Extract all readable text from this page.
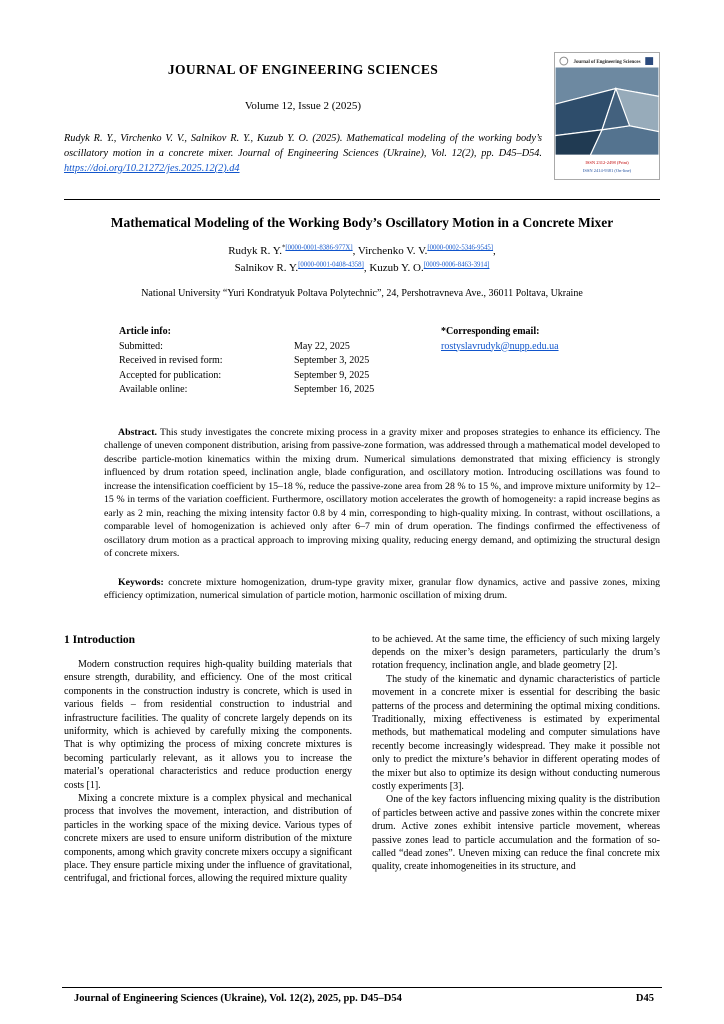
JOURNAL OF ENGINEERING SCIENCES
Volume 12, Issue 2 (2025)

Rudyk R. Y., Virchenko V. V., Salnikov R. Y., Kuzub Y. O. (2025). Mathematical modeling of the working body’s oscillatory motion in a concrete mixer. Journal of Engineering Sciences (Ukraine), Vol. 12(2), pp. D45–D54. https://doi.org/10.21272/jes.2025.12(2).d4

Journal of Engineering Sciences
ISSN 2312-2498 (Print)
ISSN 2414-9381 (On-line)
Mathematical Modeling of the Working Body’s Oscillatory Motion in a Concrete Mixer
Rudyk R. Y.$^{*[0000-0001-8386-977X]}$, Virchenko V. V.[0000-0002-5346-9545],
Salnikov R. Y.[0000-0001-0408-4358], Kuzub Y. O.[0009-0006-8463-3914]
National University “Yuri Kondratyuk Poltava Polytechnic”, 24, Pershotravneva Ave., 36011 Poltava, Ukraine
Article info:
Submitted:	May 22, 2025
Received in revised form:	September 3, 2025
Accepted for publication:	September 9, 2025
Available online:	September 16, 2025
*Corresponding email:
rostyslavrudyk@nupp.edu.ua

Abstract. This study investigates the concrete mixing process in a gravity mixer and proposes strategies to enhance its efficiency. The challenge of uneven component distribution, arising from passive-zone formation, was addressed through a mathematical model developed to describe particle-motion kinematics within the mixing drum. Numerical simulations demonstrated that mixing efficiency is strongly influenced by drum rotation speed, inclination angle, blade configuration, and oscillatory motion. Introducing oscillations was found to increase the intensification coefficient by 15–18 %, reduce the passive-zone area from 28 % to 15 %, and improve mixture uniformity by 12–15 % in terms of the variation coefficient. Furthermore, oscillatory motion accelerates the growth of homogeneity: a rapid increase begins as early as 2 min, reaching the mixing intensity factor 0.8 by 4 min, corresponding to high-quality mixing. In contrast, without oscillations, a comparable level of homogenization is achieved only after 6–7 min of drum operation. The findings confirmed the effectiveness of oscillatory drum motion as a practical approach to improving mixing quality, reducing energy demand, and optimizing the structural design of concrete mixers.

Keywords: concrete mixture homogenization, drum-type gravity mixer, granular flow dynamics, active and passive zones, mixing efficiency optimization, numerical simulation of particle motion, harmonic oscillation of mixing drum.

1 Introduction

Modern construction requires high-quality building materials that ensure strength, durability, and efficiency. One of the most critical components in the construction industry is concrete, which is used in various fields – from residential construction to industrial and infrastructure facilities. The quality of concrete largely depends on its uniformity, which is achieved by carefully mixing the components. That is why optimizing the process of mixing concrete mixtures is becoming particularly relevant, as it allows you to increase the material’s operational characteristics and reduce production energy costs [1].

Mixing a concrete mixture is a complex physical and mechanical process that involves the movement, interaction, and distribution of particles in the working space of the mixing device. Various types of concrete mixers are used to ensure uniform distribution of the mixture components, among which gravity concrete mixers occupy a significant place. They ensure particle mixing under the influence of gravitational, centrifugal, and frictional forces, allowing the required mixture quality

to be achieved. At the same time, the efficiency of such mixing largely depends on the mixer’s design parameters, particularly the drum’s rotation frequency, inclination angle, and blade geometry [2].

The study of the kinematic and dynamic characteristics of particle movement in a concrete mixer is essential for describing the basic patterns of the process and determining the optimal mixing conditions. Traditionally, mixing effectiveness is estimated by experimental methods, but mathematical modeling and computer simulations have recently become increasingly widespread. They make it possible not only to predict the mixture’s behavior in different operating modes of the mixer but also to optimize its design without conducting numerous costly experiments [3].

One of the key factors influencing mixing quality is the distribution of particles between active and passive zones within the concrete mixer drum. Active zones exhibit intensive particle movement, whereas passive zones lead to particle accumulation and the formation of so-called “dead zones”. Uneven mixing can reduce the final concrete mix quality, create inhomogeneities in its structure, and

Journal of Engineering Sciences (Ukraine), Vol. 12(2), 2025, pp. D45–D54	D45
